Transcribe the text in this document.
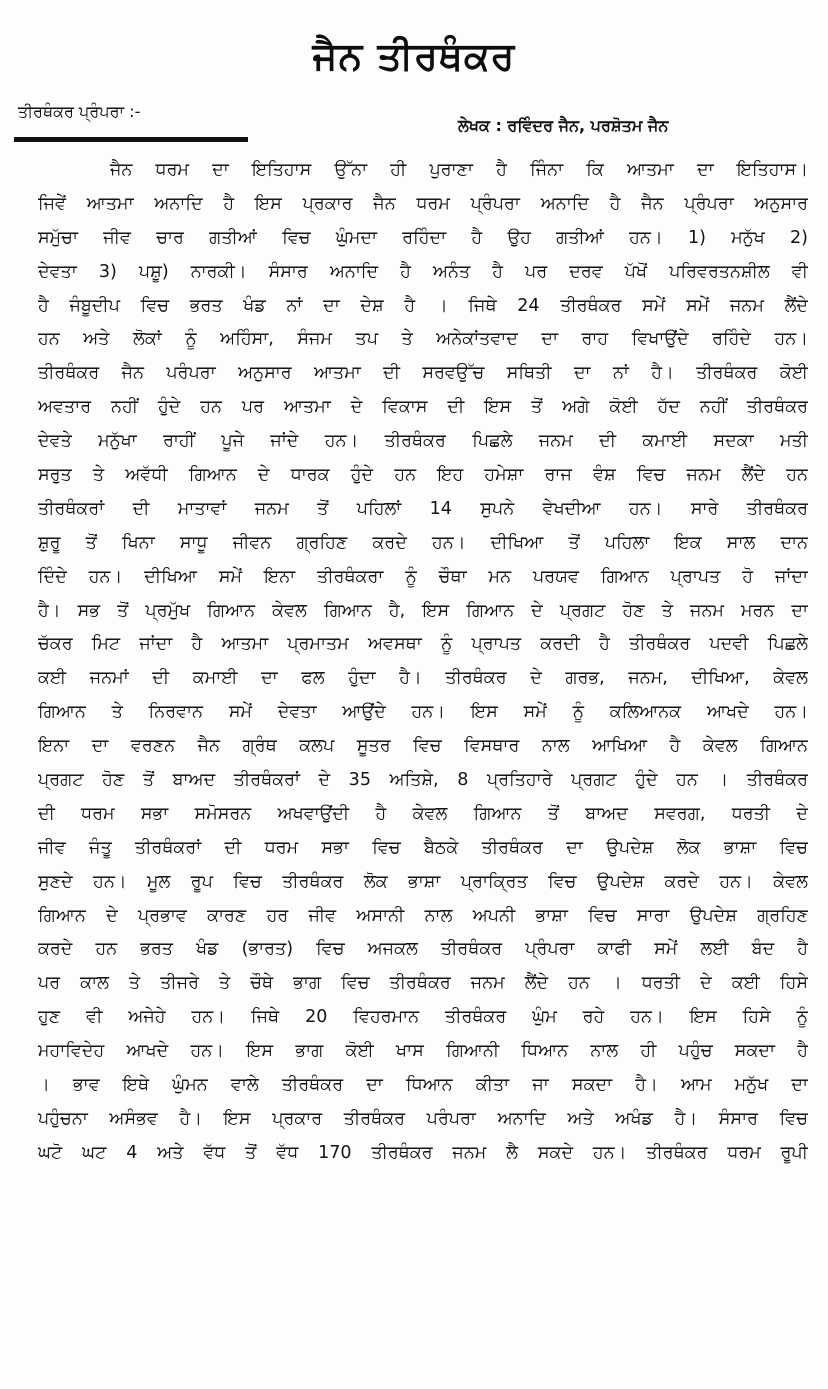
ਜੈਨ ਤੀਰਥੰਕਰ
ਤੀਰਥੰਕਰ ਪ੍ਰੰਪਰਾ :-
ਲੇਖਕ : ਰਵਿੰਦਰ ਜੈਨ, ਪਰਸ਼ੋਤਮ ਜੈਨ
ਜੈਨ ਧਰਮ ਦਾ ਇਤਿਹਾਸ ਉੱਨਾ ਹੀ ਪੁਰਾਣਾ ਹੈ ਜਿੰਨਾ ਕਿ ਆਤਮਾ ਦਾ ਇਤਿਹਾਸ।
ਜਿਵੇਂ ਆਤਮਾ ਅਨਾਦਿ ਹੈ ਇਸ ਪ੍ਰਕਾਰ ਜੈਨ ਧਰਮ ਪ੍ਰੰਪਰਾ ਅਨਾਦਿ ਹੈ ਜੈਨ ਪ੍ਰੰਪਰਾ ਅਨੁਸਾਰ
ਸਮੁੱਚਾ ਜੀਵ ਚਾਰ ਗਤੀਆਂ ਵਿਚ ਘੁੰਮਦਾ ਰਹਿੰਦਾ ਹੈ ਉਹ ਗਤੀਆਂ ਹਨ। 1) ਮਨੁੱਖ 2)
ਦੇਵਤਾ 3) ਪਸ਼ੂ) ਨਾਰਕੀ। ਸੰਸਾਰ ਅਨਾਦਿ ਹੈ ਅਨੰਤ ਹੈ ਪਰ ਦਰਵ ਪੱਖੋਂ ਪਰਿਵਰਤਨਸ਼ੀਲ ਵੀ
ਹੈ ਜੰਬੂਦੀਪ ਵਿਚ ਭਰਤ ਖੰਡ ਨਾਂ ਦਾ ਦੇਸ਼ ਹੈ । ਜਿਥੇ 24 ਤੀਰਥੰਕਰ ਸਮੇਂ ਸਮੇਂ ਜਨਮ ਲੈਂਦੇ
ਹਨ ਅਤੇ ਲੋਕਾਂ ਨੂੰ ਅਹਿੰਸਾ, ਸੰਜਮ ਤਪ ਤੇ ਅਨੇਕਾਂਤਵਾਦ ਦਾ ਰਾਹ ਵਿਖਾਉਂਦੇ ਰਹਿੰਦੇ ਹਨ।
ਤੀਰਥੰਕਰ ਜੈਨ ਪਰੰਪਰਾ ਅਨੁਸਾਰ ਆਤਮਾ ਦੀ ਸਰਵਉੱਚ ਸਥਿਤੀ ਦਾ ਨਾਂ ਹੈ। ਤੀਰਥੰਕਰ ਕੋਈ
ਅਵਤਾਰ ਨਹੀਂ ਹੁੰਦੇ ਹਨ ਪਰ ਆਤਮਾ ਦੇ ਵਿਕਾਸ ਦੀ ਇਸ ਤੋਂ ਅਗੇ ਕੋਈ ਹੱਦ ਨਹੀਂ ਤੀਰਥੰਕਰ
ਦੇਵਤੇ ਮਨੁੱਖਾ ਰਾਹੀਂ ਪੂਜੇ ਜਾਂਦੇ ਹਨ। ਤੀਰਥੰਕਰ ਪਿਛਲੇ ਜਨਮ ਦੀ ਕਮਾਈ ਸਦਕਾ ਮਤੀ
ਸਰੁਤ ਤੇ ਅਵੱਧੀ ਗਿਆਨ ਦੇ ਧਾਰਕ ਹੁੰਦੇ ਹਨ ਇਹ ਹਮੇਸ਼ਾ ਰਾਜ ਵੰਸ਼ ਵਿਚ ਜਨਮ ਲੈਂਦੇ ਹਨ
ਤੀਰਥੰਕਰਾਂ ਦੀ ਮਾਤਾਵਾਂ ਜਨਮ ਤੋਂ ਪਹਿਲਾਂ 14 ਸੁਪਨੇ ਵੇਖਦੀਆ ਹਨ। ਸਾਰੇ ਤੀਰਥੰਕਰ
ਸ਼ੁਰੂ ਤੋਂ ਖਿਨਾ ਸਾਧੂ ਜੀਵਨ ਗ੍ਰਹਿਣ ਕਰਦੇ ਹਨ। ਦੀਖਿਆ ਤੋਂ ਪਹਿਲਾ ਇਕ ਸਾਲ ਦਾਨ
ਦਿੰਦੇ ਹਨ। ਦੀਖਿਆ ਸਮੇਂ ਇਨਾ ਤੀਰਥੰਕਰਾ ਨੂੰ ਚੌਥਾ ਮਨ ਪਰਯਵ ਗਿਆਨ ਪ੍ਰਾਪਤ ਹੋ ਜਾਂਦਾ
ਹੈ। ਸਭ ਤੋਂ ਪ੍ਰਮੁੱਖ ਗਿਆਨ ਕੇਵਲ ਗਿਆਨ ਹੈ, ਇਸ ਗਿਆਨ ਦੇ ਪ੍ਰਗਟ ਹੋਣ ਤੇ ਜਨਮ ਮਰਨ ਦਾ
ਚੱਕਰ ਮਿਟ ਜਾਂਦਾ ਹੈ ਆਤਮਾ ਪ੍ਰਮਾਤਮ ਅਵਸਥਾ ਨੂੰ ਪ੍ਰਾਪਤ ਕਰਦੀ ਹੈ ਤੀਰਥੰਕਰ ਪਦਵੀ ਪਿਛਲੇ
ਕਈ ਜਨਮਾਂ ਦੀ ਕਮਾਈ ਦਾ ਫਲ ਹੁੰਦਾ ਹੈ। ਤੀਰਥੰਕਰ ਦੇ ਗਰਭ, ਜਨਮ, ਦੀਖਿਆ, ਕੇਵਲ
ਗਿਆਨ ਤੇ ਨਿਰਵਾਨ ਸਮੇਂ ਦੇਵਤਾ ਆਉਂਦੇ ਹਨ। ਇਸ ਸਮੇਂ ਨੂੰ ਕਲਿਆਨਕ ਆਖਦੇ ਹਨ।
ਇਨਾ ਦਾ ਵਰਣਨ ਜੈਨ ਗ੍ਰੰਥ ਕਲਪ ਸੂਤਰ ਵਿਚ ਵਿਸਥਾਰ ਨਾਲ ਆਖਿਆ ਹੈ ਕੇਵਲ ਗਿਆਨ
ਪ੍ਰਗਟ ਹੋਣ ਤੋਂ ਬਾਅਦ ਤੀਰਥੰਕਰਾਂ ਦੇ 35 ਅਤਿਸ਼ੇ, 8 ਪ੍ਰਤਿਹਾਰੇ ਪ੍ਰਗਟ ਹੁੰਦੇ ਹਨ । ਤੀਰਥੰਕਰ
ਦੀ ਧਰਮ ਸਭਾ ਸਮੋਸਰਨ ਅਖਵਾਉਂਦੀ ਹੈ ਕੇਵਲ ਗਿਆਨ ਤੋਂ ਬਾਅਦ ਸਵਰਗ, ਧਰਤੀ ਦੇ
ਜੀਵ ਜੰਤੂ ਤੀਰਥੰਕਰਾਂ ਦੀ ਧਰਮ ਸਭਾ ਵਿਚ ਬੈਠਕੇ ਤੀਰਥੰਕਰ ਦਾ ਉਪਦੇਸ਼ ਲੋਕ ਭਾਸ਼ਾ ਵਿਚ
ਸੁਣਦੇ ਹਨ। ਮੂਲ ਰੂਪ ਵਿਚ ਤੀਰਥੰਕਰ ਲੋਕ ਭਾਸ਼ਾ ਪ੍ਰਾਕ੍ਰਿਤ ਵਿਚ ਉਪਦੇਸ਼ ਕਰਦੇ ਹਨ। ਕੇਵਲ
ਗਿਆਨ ਦੇ ਪ੍ਰਭਾਵ ਕਾਰਣ ਹਰ ਜੀਵ ਅਸਾਨੀ ਨਾਲ ਅਪਨੀ ਭਾਸ਼ਾ ਵਿਚ ਸਾਰਾ ਉਪਦੇਸ਼ ਗ੍ਰਹਿਣ
ਕਰਦੇ ਹਨ ਭਰਤ ਖੰਡ (ਭਾਰਤ) ਵਿਚ ਅਜਕਲ ਤੀਰਥੰਕਰ ਪ੍ਰੰਪਰਾ ਕਾਫੀ ਸਮੇਂ ਲਈ ਬੰਦ ਹੈ
ਪਰ ਕਾਲ ਤੇ ਤੀਜਰੇ ਤੇ ਚੌਥੇ ਭਾਗ ਵਿਚ ਤੀਰਥੰਕਰ ਜਨਮ ਲੈਂਦੇ ਹਨ । ਧਰਤੀ ਦੇ ਕਈ ਹਿਸੇ
ਹੁਣ ਵੀ ਅਜੇਹੇ ਹਨ। ਜਿਥੇ 20 ਵਿਹਰਮਾਨ ਤੀਰਥੰਕਰ ਘੁੰਮ ਰਹੇ ਹਨ। ਇਸ ਹਿਸੇ ਨੂੰ
ਮਹਾਵਿਦੇਹ ਆਖਦੇ ਹਨ। ਇਸ ਭਾਗ ਕੋਈ ਖਾਸ ਗਿਆਨੀ ਧਿਆਨ ਨਾਲ ਹੀ ਪਹੁੰਚ ਸਕਦਾ ਹੈ
। ਭਾਵ ਇਥੇ ਘੁੰਮਨ ਵਾਲੇ ਤੀਰਥੰਕਰ ਦਾ ਧਿਆਨ ਕੀਤਾ ਜਾ ਸਕਦਾ ਹੈ। ਆਮ ਮਨੁੱਖ ਦਾ
ਪਹੁੰਚਨਾ ਅਸੰਭਵ ਹੈ। ਇਸ ਪ੍ਰਕਾਰ ਤੀਰਥੰਕਰ ਪਰੰਪਰਾ ਅਨਾਦਿ ਅਤੇ ਅਖੰਡ ਹੈ। ਸੰਸਾਰ ਵਿਚ
ਘਟੋ ਘਟ 4 ਅਤੇ ਵੱਧ ਤੋਂ ਵੱਧ 170 ਤੀਰਥੰਕਰ ਜਨਮ ਲੈ ਸਕਦੇ ਹਨ। ਤੀਰਥੰਕਰ ਧਰਮ ਰੂਪੀ
